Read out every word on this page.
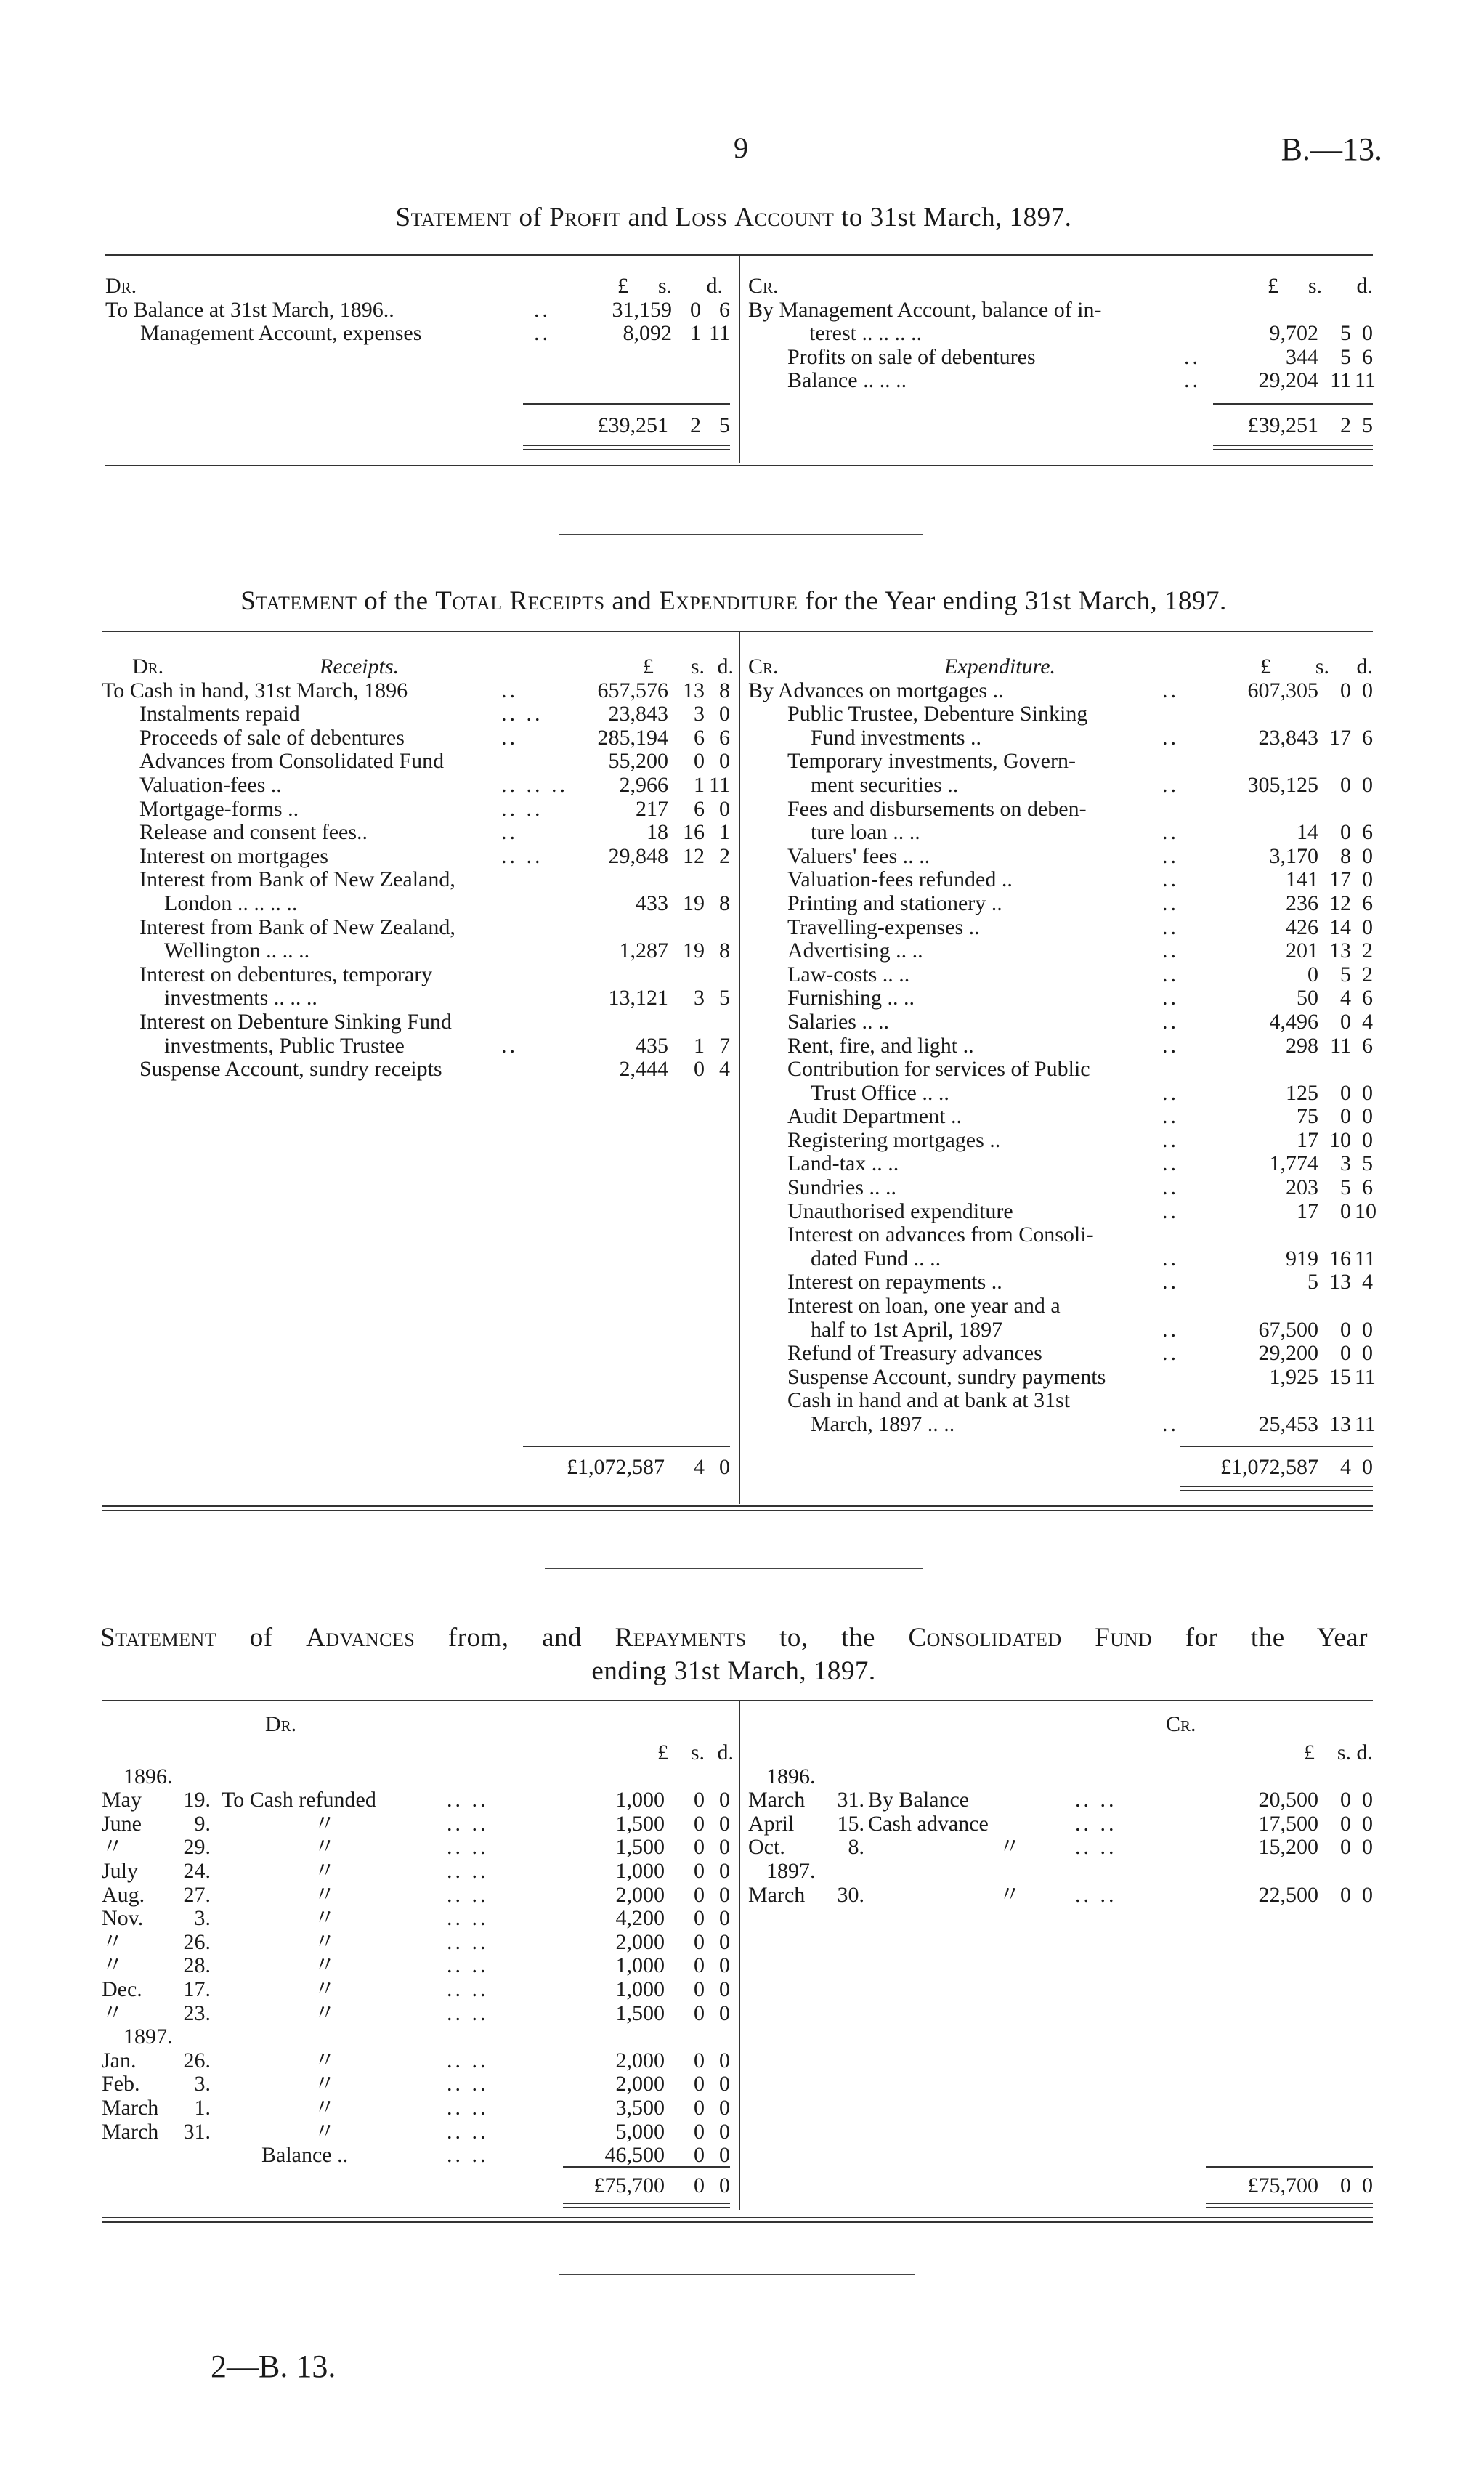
9	B.—13.
Statement of Profit and Loss Account to 31st March, 1897.
Dr.	£	s.	d.
To Balance at 31st March, 1896..	..	31,159 0 6
Management Account, expenses	..	8,092 1 11
Cr.	£	s.	d.
By Management Account, balance of in-
terest .. .. .. ..	9,702	5 0
Profits on sale of debentures	..	344	5 6
Balance .. .. ..	..	29,204 11 11
£39,251	2 5	£39,251	2 5
Statement of the Total Receipts and Expenditure for the Year ending 31st March, 1897.
Dr.	Receipts.	£	s. d.
To Cash in hand, 31st March, 1896	..	657,576 13 8
Instalments repaid	.. ..	23,843	3 0
Proceeds of sale of debentures	..	285,194	6 6
Advances from Consolidated Fund	55,200	0 0
Valuation-fees ..	.. .. ..	2,966	1 11
Mortgage-forms ..	.. ..	217	6 0
Release and consent fees..	..	18 16 1
Interest on mortgages	.. ..	29,848 12 2
Interest from Bank of New Zealand,
London .. .. .. ..	433 19 8
Interest from Bank of New Zealand,
Wellington .. .. ..	1,287 19 8
Interest on debentures, temporary
investments .. .. ..	13,121	3 5
Interest on Debenture Sinking Fund
investments, Public Trustee	..	435	1 7
Suspense Account, sundry receipts	2,444	0 4
Cr.	Expenditure.	£	s.	d.
By Advances on mortgages ..	..	607,305	0 0
Public Trustee, Debenture Sinking
Fund investments ..	..	23,843 17 6
Temporary investments, Govern-
ment securities ..	..	305,125	0 0
Fees and disbursements on deben-
ture loan .. ..	..	14	0 6
Valuers' fees .. ..	..	3,170	8 0
Valuation-fees refunded ..	..	141 17 0
Printing and stationery ..	..	236 12 6
Travelling-expenses ..	..	426 14 0
Advertising .. ..	..	201 13 2
Law-costs .. ..	..	0	5 2
Furnishing .. ..	..	50	4 6
Salaries .. ..	..	4,496	0 4
Rent, fire, and light ..	..	298 11 6
Contribution for services of Public
Trust Office .. ..	..	125	0 0
Audit Department ..	..	75	0 0
Registering mortgages ..	..	17 10 0
Land-tax .. ..	..	1,774	3 5
Sundries .. ..	..	203	5 6
Unauthorised expenditure	..	17	0 10
Interest on advances from Consoli-
dated Fund .. ..	..	919 16 11
Interest on repayments ..	..	5 13 4
Interest on loan, one year and a
half to 1st April, 1897	..	67,500	0 0
Refund of Treasury advances	..	29,200	0 0
Suspense Account, sundry payments	1,925 15 11
Cash in hand and at bank at 31st
March, 1897 .. ..	..	25,453 13 11
£1,072,587	4 0	£1,072,587	4 0
Statement of Advances from, and Repayments to, the Consolidated Fund for the Year
ending 31st March, 1897.
Dr.	Cr.
£	s. d.
1896.
May	19. To Cash refunded	.. ..	1,000	0 0
June	9.	〃	.. ..	1,500	0 0
〃	29.	〃	.. ..	1,500	0 0
July	24.	〃	.. ..	1,000	0 0
Aug.	27.	〃	.. ..	2,000	0 0
Nov.	3.	〃	.. ..	4,200	0 0
〃	26.	〃	.. ..	2,000	0 0
〃	28.	〃	.. ..	1,000	0 0
Dec.	17.	〃	.. ..	1,000	0 0
〃	23.	〃	.. ..	1,500	0 0
1897.
Jan.	26.	〃	.. ..	2,000	0 0
Feb.	3.	〃	.. ..	2,000	0 0
March	1.	〃	.. ..	3,500	0 0
March	31.	〃	.. ..	5,000	0 0
Balance ..	.. ..	46,500	0 0
£	s. d.
1896.
March	31. By Balance	.. ..	20,500	0 0
April	15. Cash advance	.. ..	17,500	0 0
Oct.	8.	〃	.. ..	15,200	0 0
1897.
March	30.	〃	.. ..	22,500	0 0
£75,700	0 0	£75,700	0 0
2—B. 13.
